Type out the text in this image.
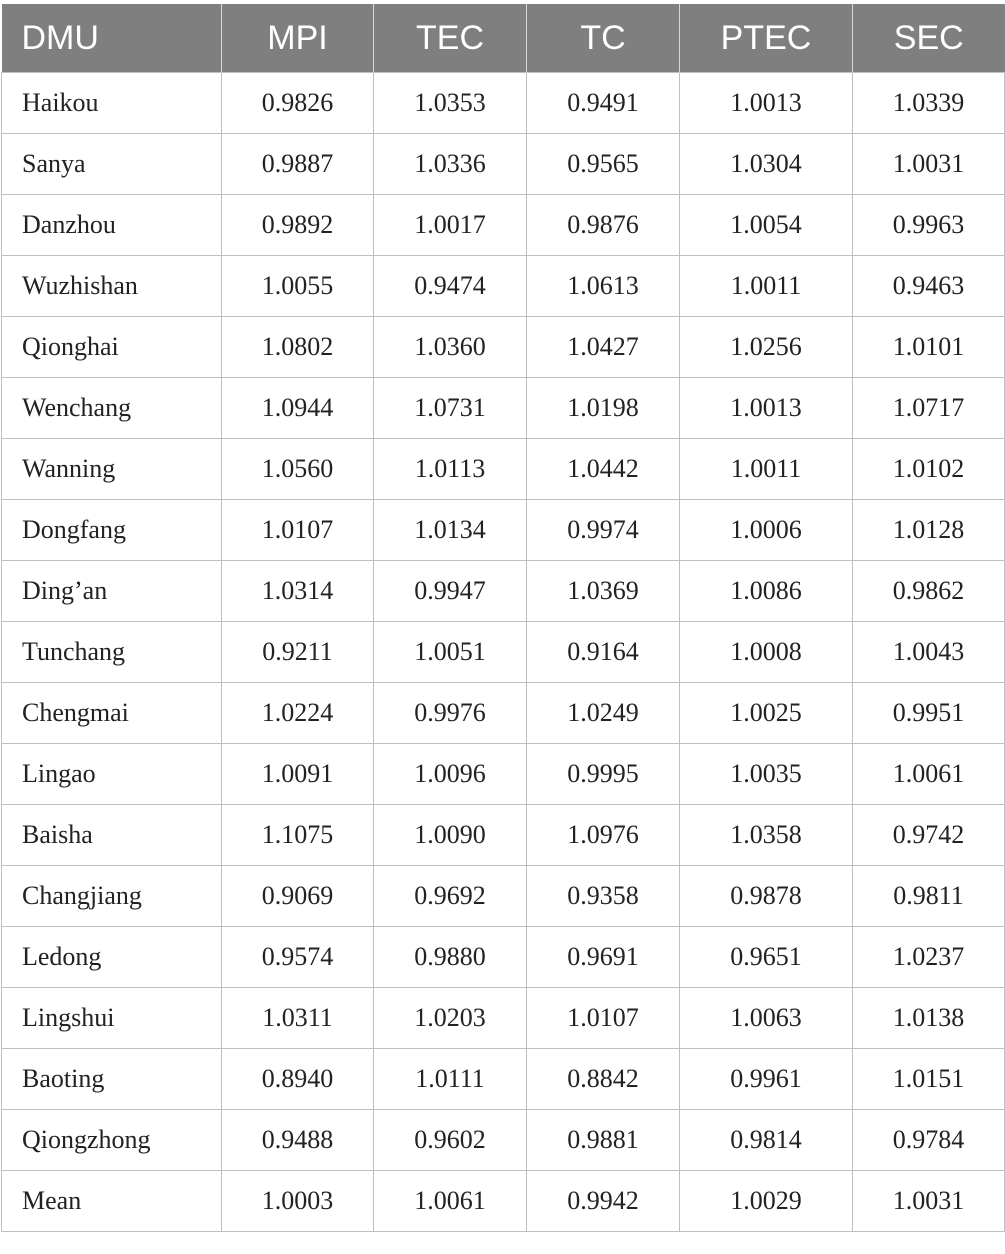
DMU	MPI	TEC	TC	PTEC	SEC
Haikou	0.9826	1.0353	0.9491	1.0013	1.0339
Sanya	0.9887	1.0336	0.9565	1.0304	1.0031
Danzhou	0.9892	1.0017	0.9876	1.0054	0.9963
Wuzhishan	1.0055	0.9474	1.0613	1.0011	0.9463
Qionghai	1.0802	1.0360	1.0427	1.0256	1.0101
Wenchang	1.0944	1.0731	1.0198	1.0013	1.0717
Wanning	1.0560	1.0113	1.0442	1.0011	1.0102
Dongfang	1.0107	1.0134	0.9974	1.0006	1.0128
Ding’an	1.0314	0.9947	1.0369	1.0086	0.9862
Tunchang	0.9211	1.0051	0.9164	1.0008	1.0043
Chengmai	1.0224	0.9976	1.0249	1.0025	0.9951
Lingao	1.0091	1.0096	0.9995	1.0035	1.0061
Baisha	1.1075	1.0090	1.0976	1.0358	0.9742
Changjiang	0.9069	0.9692	0.9358	0.9878	0.9811
Ledong	0.9574	0.9880	0.9691	0.9651	1.0237
Lingshui	1.0311	1.0203	1.0107	1.0063	1.0138
Baoting	0.8940	1.0111	0.8842	0.9961	1.0151
Qiongzhong	0.9488	0.9602	0.9881	0.9814	0.9784
Mean	1.0003	1.0061	0.9942	1.0029	1.0031
